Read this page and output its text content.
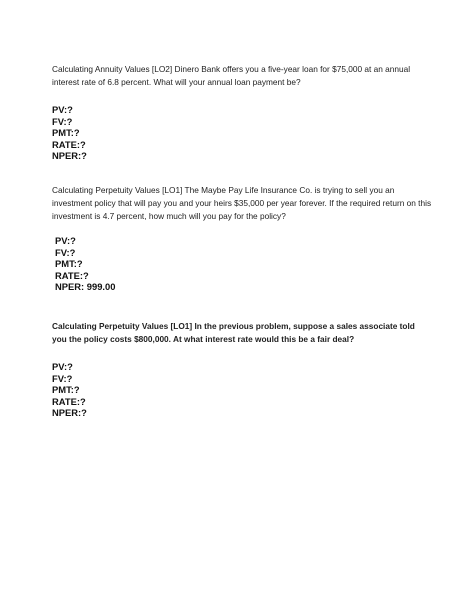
Calculating Annuity Values [LO2] Dinero Bank offers you a five-year loan for $75,000 at an annual interest rate of 6.8 percent. What will your annual loan payment be?

PV:?
FV:?
PMT:?
RATE:?
NPER:?

Calculating Perpetuity Values [LO1] The Maybe Pay Life Insurance Co. is trying to sell you an investment policy that will pay you and your heirs $35,000 per year forever. If the required return on this investment is 4.7 percent, how much will you pay for the policy?

PV:?
FV:?
PMT:?
RATE:?
NPER: 999.00

Calculating Perpetuity Values [LO1] In the previous problem, suppose a sales associate told you the policy costs $800,000. At what interest rate would this be a fair deal?

PV:?
FV:?
PMT:?
RATE:?
NPER:?
